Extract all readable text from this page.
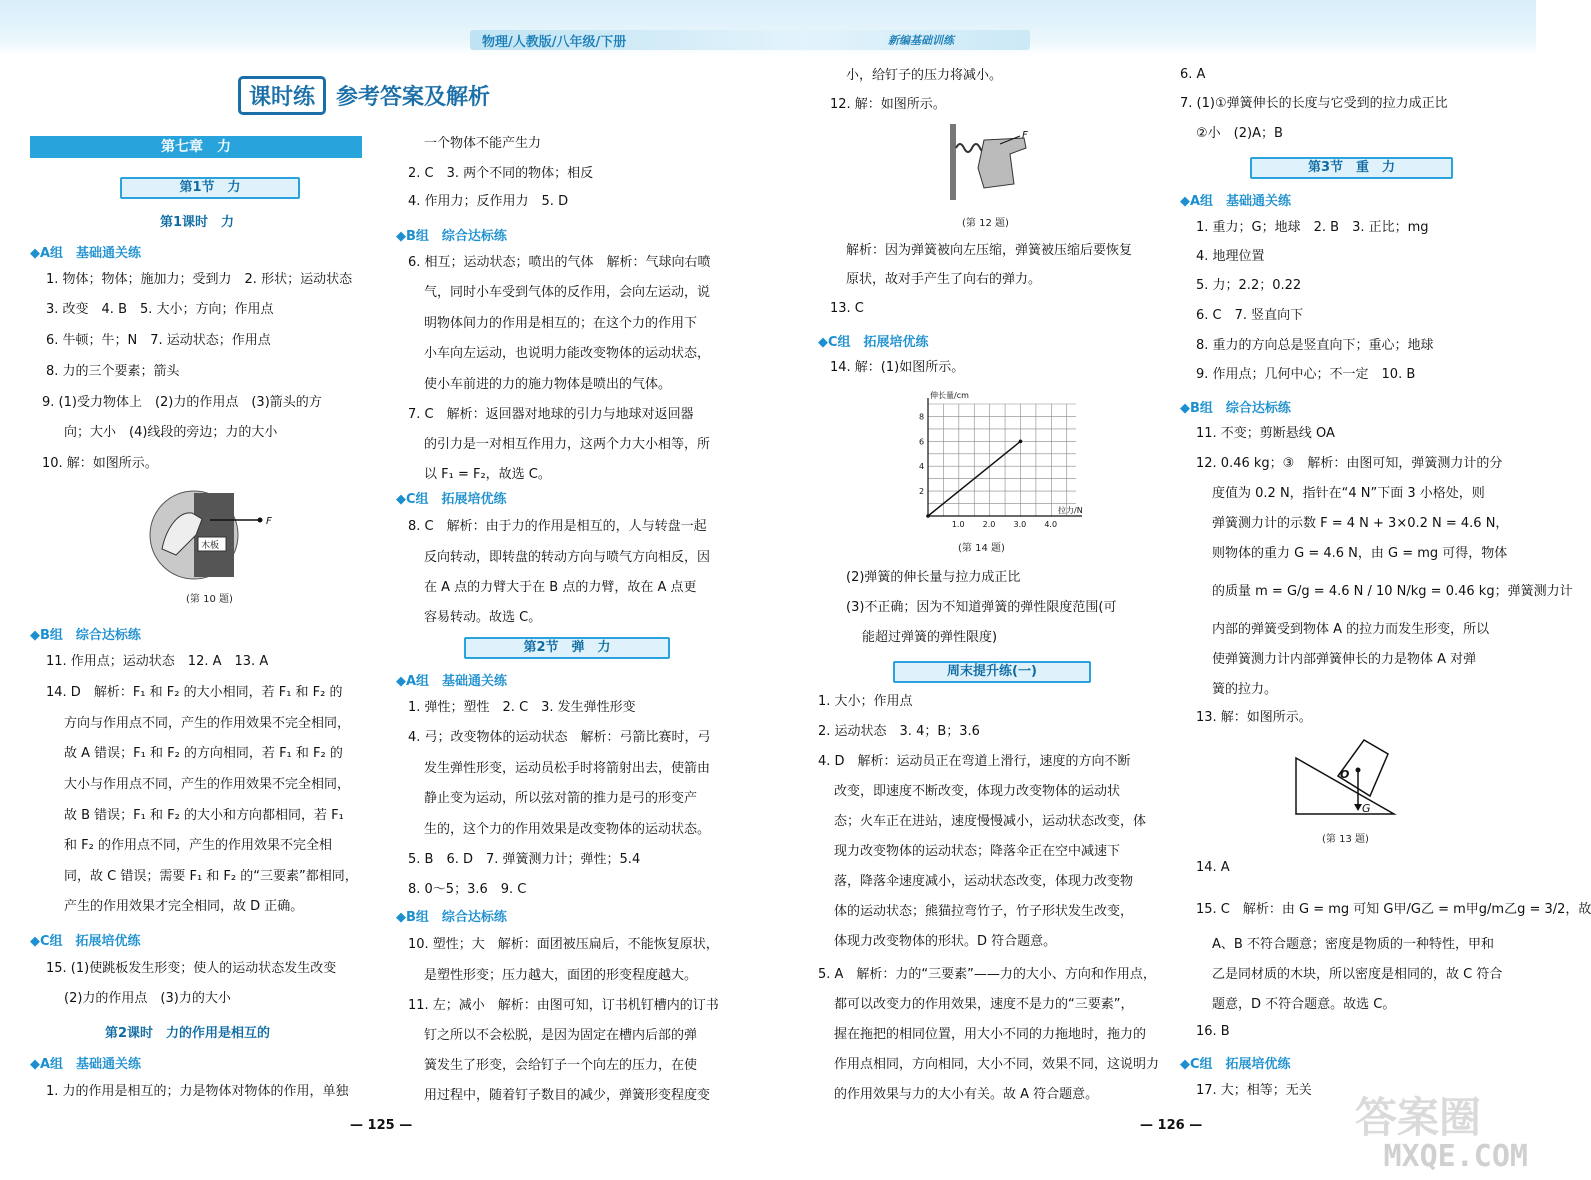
物理/人教版/八年级/下册	新编基础训练
课时练 参考答案及解析
第七章　力
第1节　力
第1课时　力
第2课时　力的作用是相互的
第2节　弹　力
周末提升练(一)
第3节　重　力
◆A组　基础通关练
◆B组　综合达标练
◆C组　拓展培优练
◆A组　基础通关练
◆B组　综合达标练
◆C组　拓展培优练
◆A组　基础通关练
◆B组　综合达标练
◆C组　拓展培优练
◆A组　基础通关练
◆B组　综合达标练
◆C组　拓展培优练
1. 物体；物体；施加力；受到力　2. 形状；运动状态
3. 改变　4. B　5. 大小；方向；作用点
6. 牛顿；牛；N　7. 运动状态；作用点
8. 力的三个要素；箭头
9. (1)受力物体上　(2)力的作用点　(3)箭头的方
向；大小　(4)线段的旁边；力的大小
10. 解：如图所示。
11. 作用点；运动状态　12. A　13. A
14. D　解析：F₁ 和 F₂ 的大小相同，若 F₁ 和 F₂ 的
方向与作用点不同，产生的作用效果不完全相同，
故 A 错误；F₁ 和 F₂ 的方向相同，若 F₁ 和 F₂ 的
大小与作用点不同，产生的作用效果不完全相同，
故 B 错误；F₁ 和 F₂ 的大小和方向都相同，若 F₁
和 F₂ 的作用点不同，产生的作用效果不完全相
同，故 C 错误；需要 F₁ 和 F₂ 的“三要素”都相同，
产生的作用效果才完全相同，故 D 正确。
15. (1)使跳板发生形变；使人的运动状态发生改变
(2)力的作用点　(3)力的大小
1. 力的作用是相互的；力是物体对物体的作用，单独
木板
F
(第 10 题)
一个物体不能产生力
2. C　3. 两个不同的物体；相反
4. 作用力；反作用力　5. D
6. 相互；运动状态；喷出的气体　解析：气球向右喷
气，同时小车受到气体的反作用，会向左运动，说
明物体间力的作用是相互的；在这个力的作用下
小车向左运动，也说明力能改变物体的运动状态，
使小车前进的力的施力物体是喷出的气体。
7. C　解析：返回器对地球的引力与地球对返回器
的引力是一对相互作用力，这两个力大小相等，所
以 F₁ = F₂，故选 C。
8. C　解析：由于力的作用是相互的，人与转盘一起
反向转动，即转盘的转动方向与喷气方向相反，因
在 A 点的力臂大于在 B 点的力臂，故在 A 点更
容易转动。故选 C。
1. 弹性；塑性　2. C　3. 发生弹性形变
4. 弓；改变物体的运动状态　解析：弓箭比赛时，弓
发生弹性形变，运动员松手时将箭射出去，使箭由
静止变为运动，所以弦对箭的推力是弓的形变产
生的，这个力的作用效果是改变物体的运动状态。
5. B　6. D　7. 弹簧测力计；弹性；5.4
8. 0～5；3.6　9. C
10. 塑性；大　解析：面团被压扁后，不能恢复原状，
是塑性形变；压力越大，面团的形变程度越大。
11. 左；减小　解析：由图可知，订书机钉槽内的订书
钉之所以不会松脱，是因为固定在槽内后部的弹
簧发生了形变，会给钉子一个向左的压力，在使
用过程中，随着钉子数目的减少，弹簧形变程度变
— 125 —
小，给钉子的压力将减小。
12. 解：如图所示。
F
(第 12 题)
解析：因为弹簧被向左压缩，弹簧被压缩后要恢复
原状，故对手产生了向右的弹力。
13. C
14. 解：(1)如图所示。
伸长量/cm
拉力/N
1.0 2.0 3.0 4.0
2
4
6
8
(第 14 题)
(2)弹簧的伸长量与拉力成正比
(3)不正确；因为不知道弹簧的弹性限度范围(可
能超过弹簧的弹性限度)
1. 大小；作用点
2. 运动状态　3. 4；B；3.6
4. D　解析：运动员正在弯道上滑行，速度的方向不断
改变，即速度不断改变，体现力改变物体的运动状
态；火车正在进站，速度慢慢减小，运动状态改变，体
现力改变物体的运动状态；降落伞正在空中减速下
落，降落伞速度减小，运动状态改变，体现力改变物
体的运动状态；熊猫拉弯竹子，竹子形状发生改变，
体现力改变物体的形状。D 符合题意。
5. A　解析：力的“三要素”——力的大小、方向和作用点，
都可以改变力的作用效果，速度不是力的“三要素”，
握在拖把的相同位置，用大小不同的力拖地时，拖力的
作用点相同，方向相同，大小不同，效果不同，这说明力
的作用效果与力的大小有关。故 A 符合题意。
6. A
7. (1)①弹簧伸长的长度与它受到的拉力成正比
②小　(2)A；B
1. 重力；G；地球　2. B　3. 正比；mg
4. 地理位置
5. 力；2.2；0.22
6. C　7. 竖直向下
8. 重力的方向总是竖直向下；重心；地球
9. 作用点；几何中心；不一定　10. B
11. 不变；剪断悬线 OA
12. 0.46 kg；③　解析：由图可知，弹簧测力计的分
度值为 0.2 N，指针在“4 N”下面 3 小格处，则
弹簧测力计的示数 F = 4 N + 3×0.2 N = 4.6 N，
则物体的重力 G = 4.6 N，由 G = mg 可得，物体
的质量 m = G/g = 4.6 N / 10 N/kg = 0.46 kg；弹簧测力计
内部的弹簧受到物体 A 的拉力而发生形变，所以
使弹簧测力计内部弹簧伸长的力是物体 A 对弹
簧的拉力。
13. 解：如图所示。
O
G
(第 13 题)
14. A
15. C　解析：由 G = mg 可知 G甲/G乙 = m甲g/m乙g = 3/2，故
A、B 不符合题意；密度是物质的一种特性，甲和
乙是同材质的木块，所以密度是相同的，故 C 符合
题意，D 不符合题意。故选 C。
16. B
17. 大；相等；无关
— 126 —	答案圈
MXQE.COM
